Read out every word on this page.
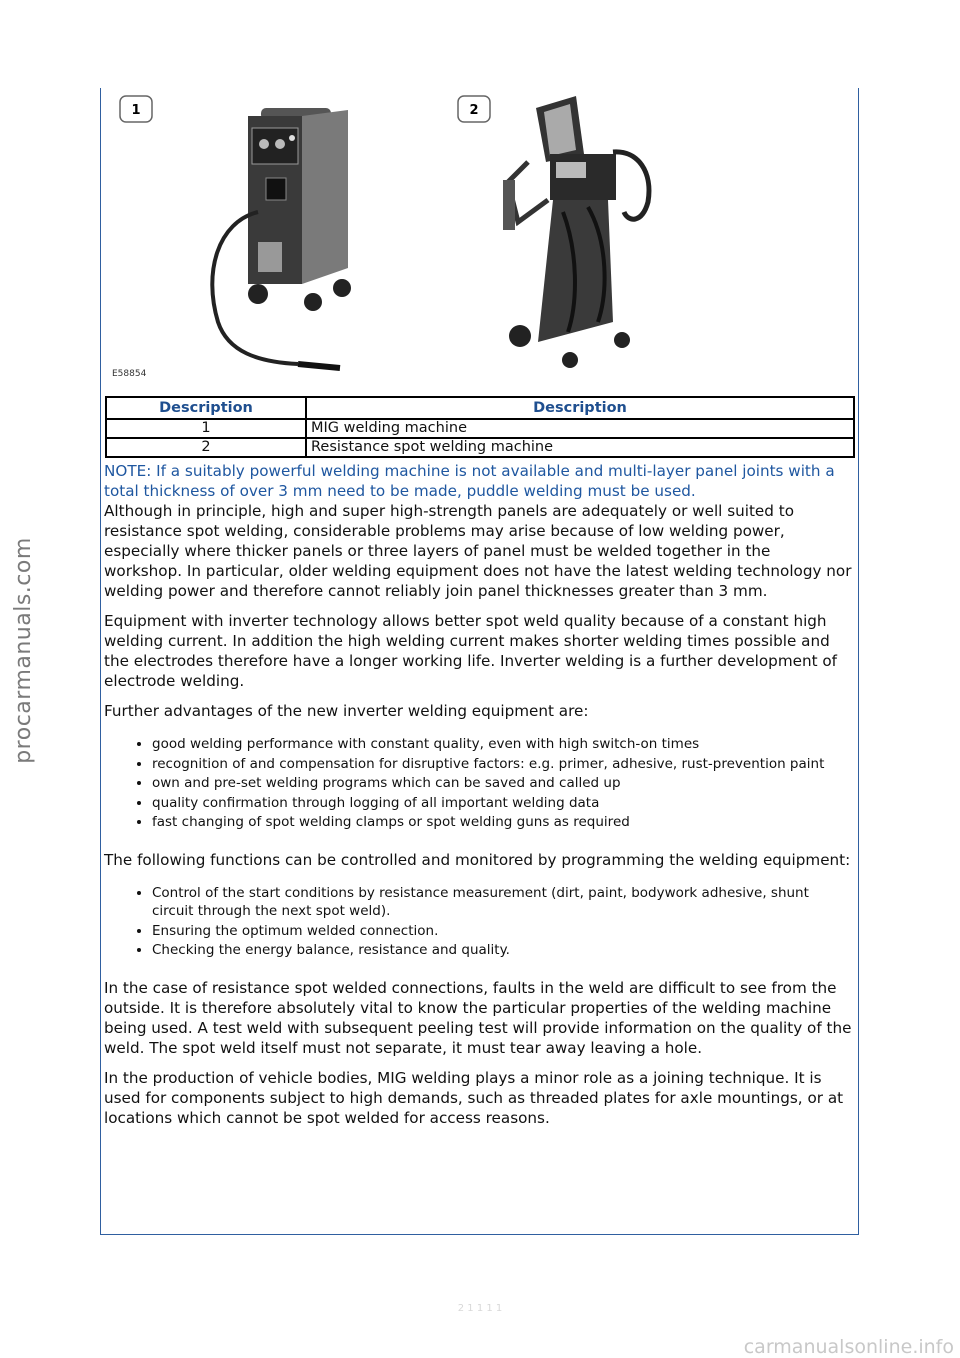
procarmanuals.com
1	2
E58854
Description	Description
1	MIG welding machine
2	Resistance spot welding machine

NOTE: If a suitably powerful welding machine is not available and multi-layer panel joints with a total thickness of over 3 mm need to be made, puddle welding must be used.

Although in principle, high and super high-strength panels are adequately or well suited to resistance spot welding, considerable problems may arise because of low welding power, especially where thicker panels or three layers of panel must be welded together in the workshop. In particular, older welding equipment does not have the latest welding technology nor welding power and therefore cannot reliably join panel thicknesses greater than 3 mm.

Equipment with inverter technology allows better spot weld quality because of a constant high welding current. In addition the high welding current makes shorter welding times possible and the electrodes therefore have a longer working life. Inverter welding is a further development of electrode welding.

Further advantages of the new inverter welding equipment are:

• good welding performance with constant quality, even with high switch-on times
• recognition of and compensation for disruptive factors: e.g. primer, adhesive, rust-prevention paint
• own and pre-set welding programs which can be saved and called up
• quality confirmation through logging of all important welding data
• fast changing of spot welding clamps or spot welding guns as required

The following functions can be controlled and monitored by programming the welding equipment:

• Control of the start conditions by resistance measurement (dirt, paint, bodywork adhesive, shunt circuit through the next spot weld).
• Ensuring the optimum welded connection.
• Checking the energy balance, resistance and quality.

In the case of resistance spot welded connections, faults in the weld are difficult to see from the outside. It is therefore absolutely vital to know the particular properties of the welding machine being used. A test weld with subsequent peeling test will provide information on the quality of the weld. The spot weld itself must not separate, it must tear away leaving a hole.

In the production of vehicle bodies, MIG welding plays a minor role as a joining technique. It is used for components subject to high demands, such as threaded plates for axle mountings, or at locations which cannot be spot welded for access reasons.

2 1 1 1 1
carmanualsonline.info
